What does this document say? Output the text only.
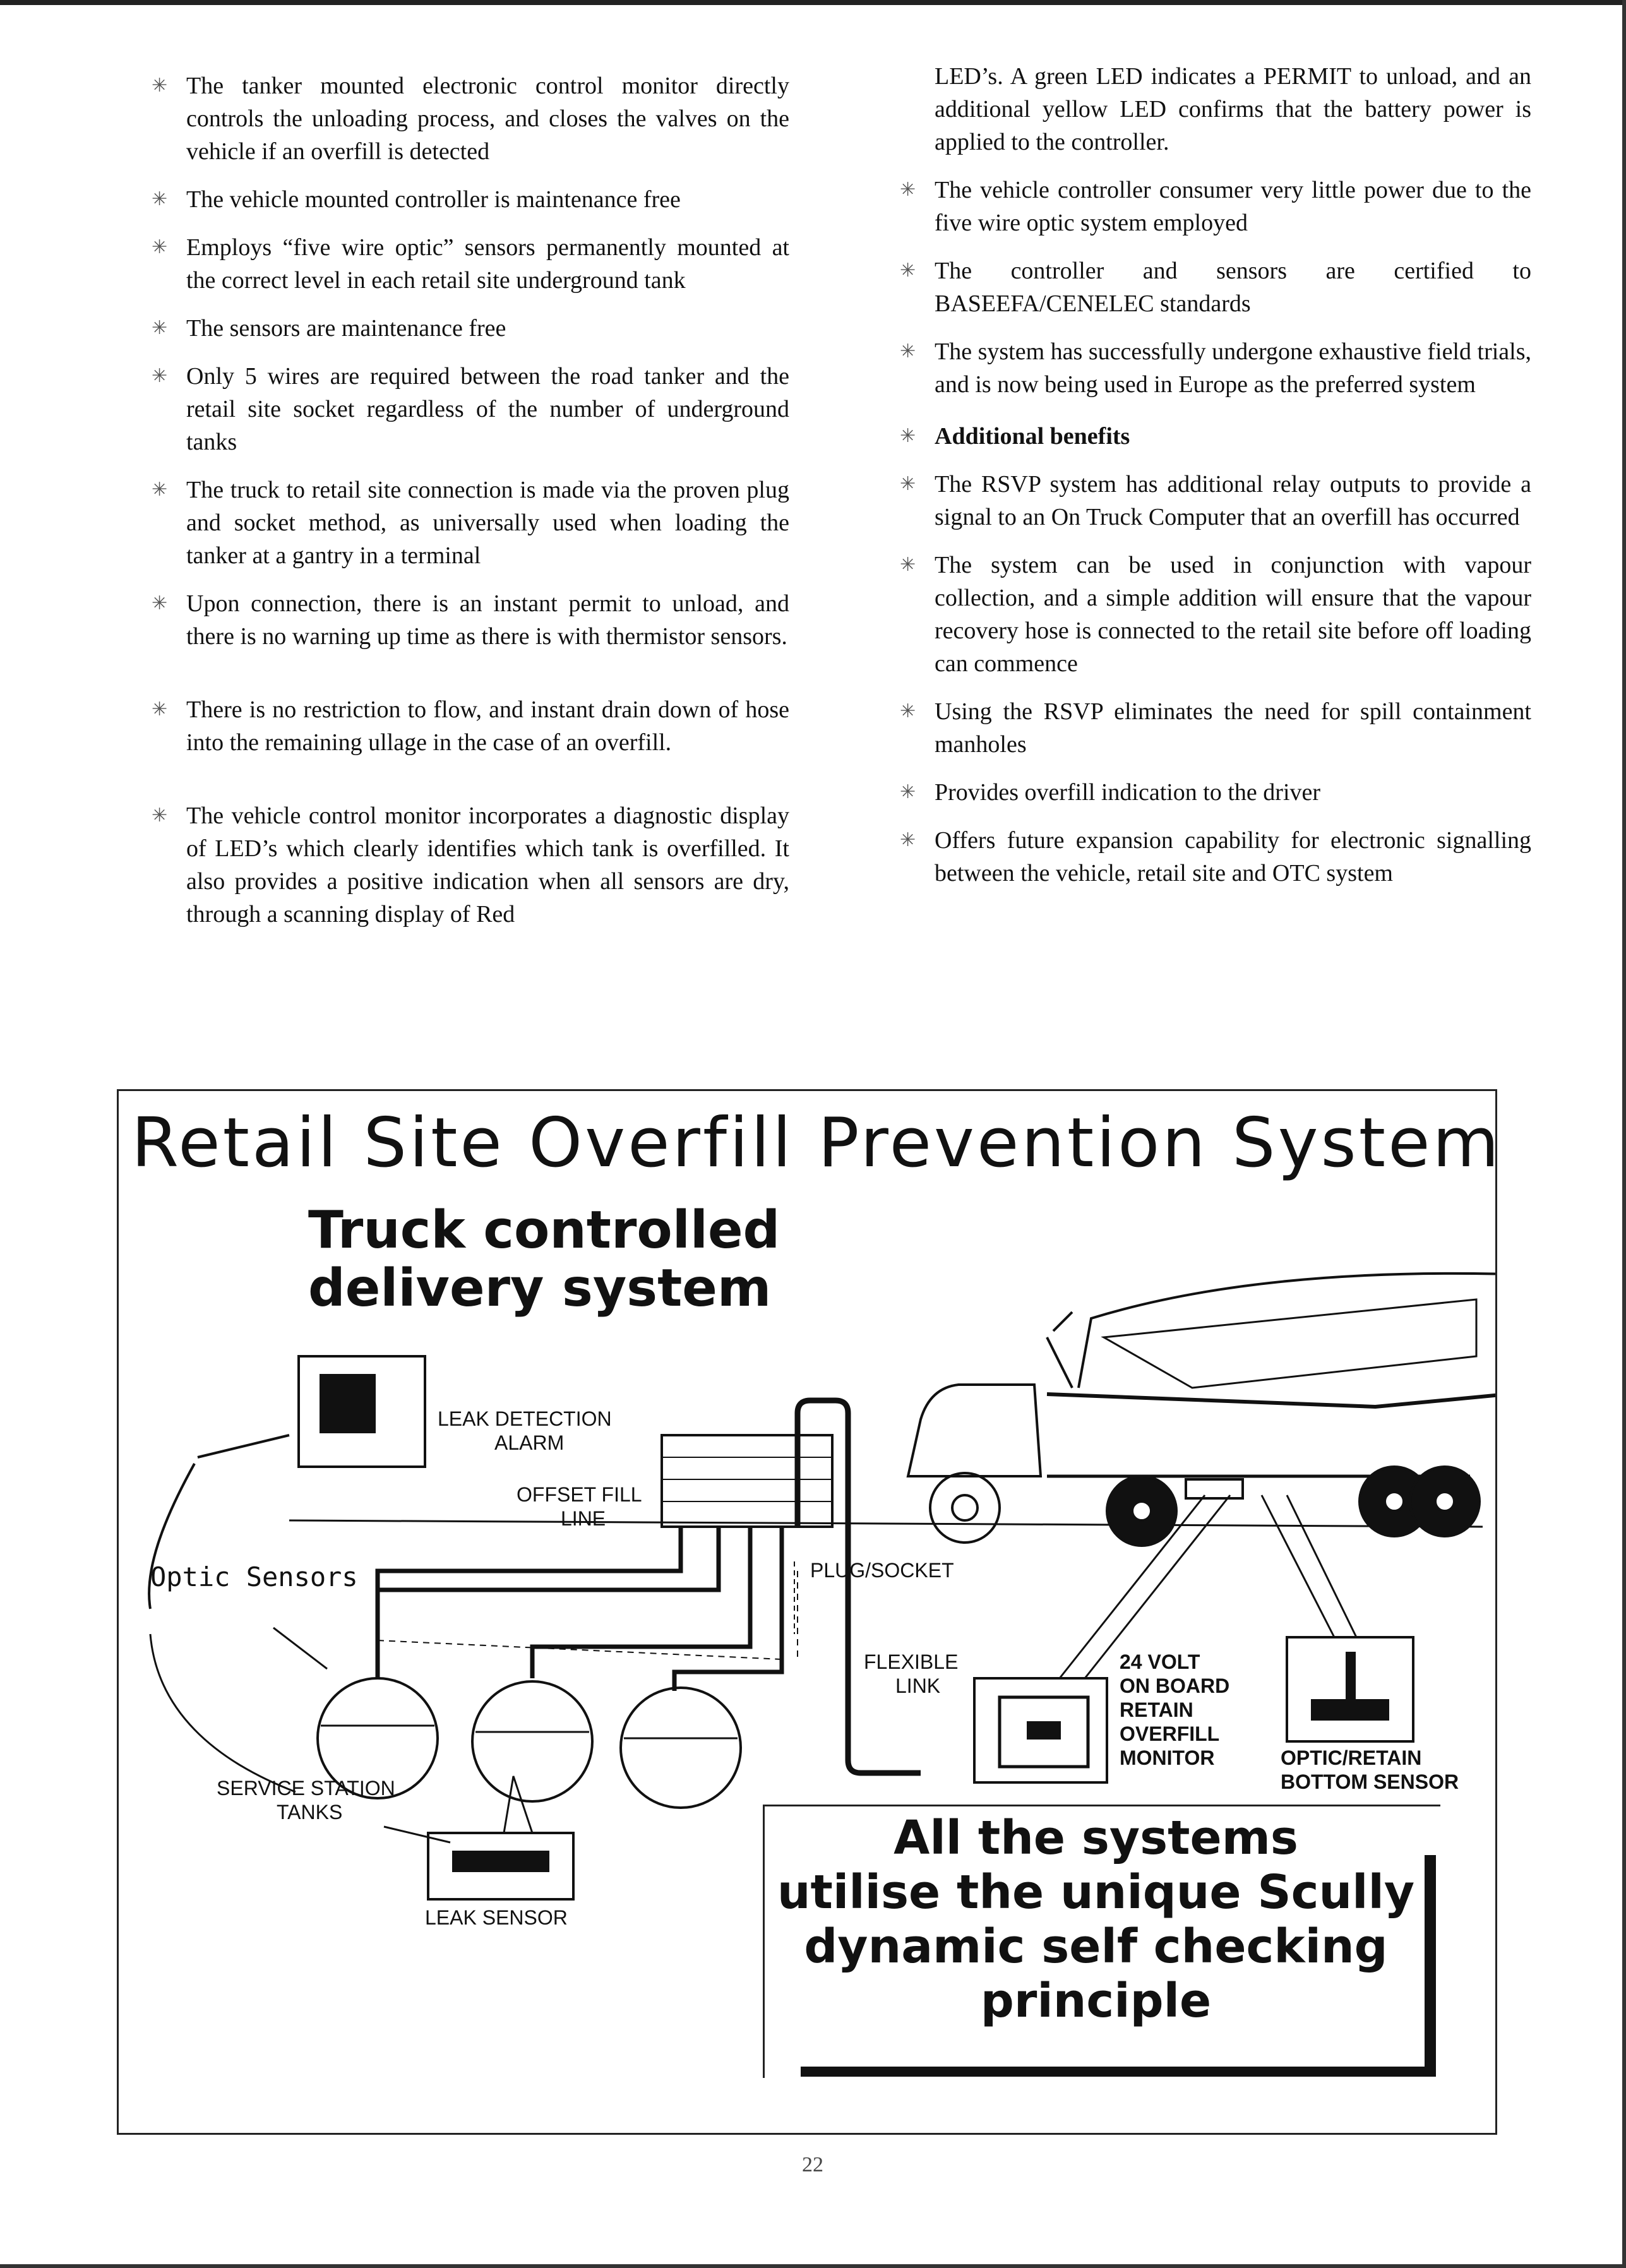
✳ The tanker mounted electronic control monitor directly controls the unloading process, and closes the valves on the vehicle if an overfill is detected
✳ The vehicle mounted controller is maintenance free
✳ Employs “five wire optic” sensors permanently mounted at the correct level in each retail site underground tank
✳ The sensors are maintenance free
✳ Only 5 wires are required between the road tanker and the retail site socket regardless of the number of underground tanks
✳ The truck to retail site connection is made via the proven plug and socket method, as universally used when loading the tanker at a gantry in a terminal
✳ Upon connection, there is an instant permit to unload, and there is no warning up time as there is with thermistor sensors.
✳ There is no restriction to flow, and instant drain down of hose into the remaining ullage in the case of an overfill.
✳ The vehicle control monitor incorporates a diagnostic display of LED’s which clearly identifies which tank is overfilled. It also provides a positive indication when all sensors are dry, through a scanning display of Red
LED’s. A green LED indicates a PERMIT to unload, and an additional yellow LED confirms that the battery power is applied to the controller.
✳ The vehicle controller consumer very little power due to the five wire optic system employed
✳ The controller and sensors are certified to BASEEFA/CENELEC standards
✳ The system has successfully undergone exhaustive field trials, and is now being used in Europe as the preferred system
✳ Additional benefits
✳ The RSVP system has additional relay outputs to provide a signal to an On Truck Computer that an overfill has occurred
✳ The system can be used in conjunction with vapour collection, and a simple addition will ensure that the vapour recovery hose is connected to the retail site before off loading can commence
✳ Using the RSVP eliminates the need for spill containment manholes
✳ Provides overfill indication to the driver
✳ Offers future expansion capability for electronic signalling between the vehicle, retail site and OTC system
Retail Site Overfill Prevention System
Truck controlled
delivery system
LEAK DETECTION
ALARM
OFFSET FILL
LINE
Optic Sensors	PLUG/SOCKET
FLEXIBLE
LINK
24 VOLT
ON BOARD
RETAIN
OVERFILL
MONITOR	OPTIC/RETAIN
BOTTOM SENSOR
SERVICE STATION
TANKS
LEAK SENSOR
All the systems
utilise the unique Scully
dynamic self checking
principle
22
